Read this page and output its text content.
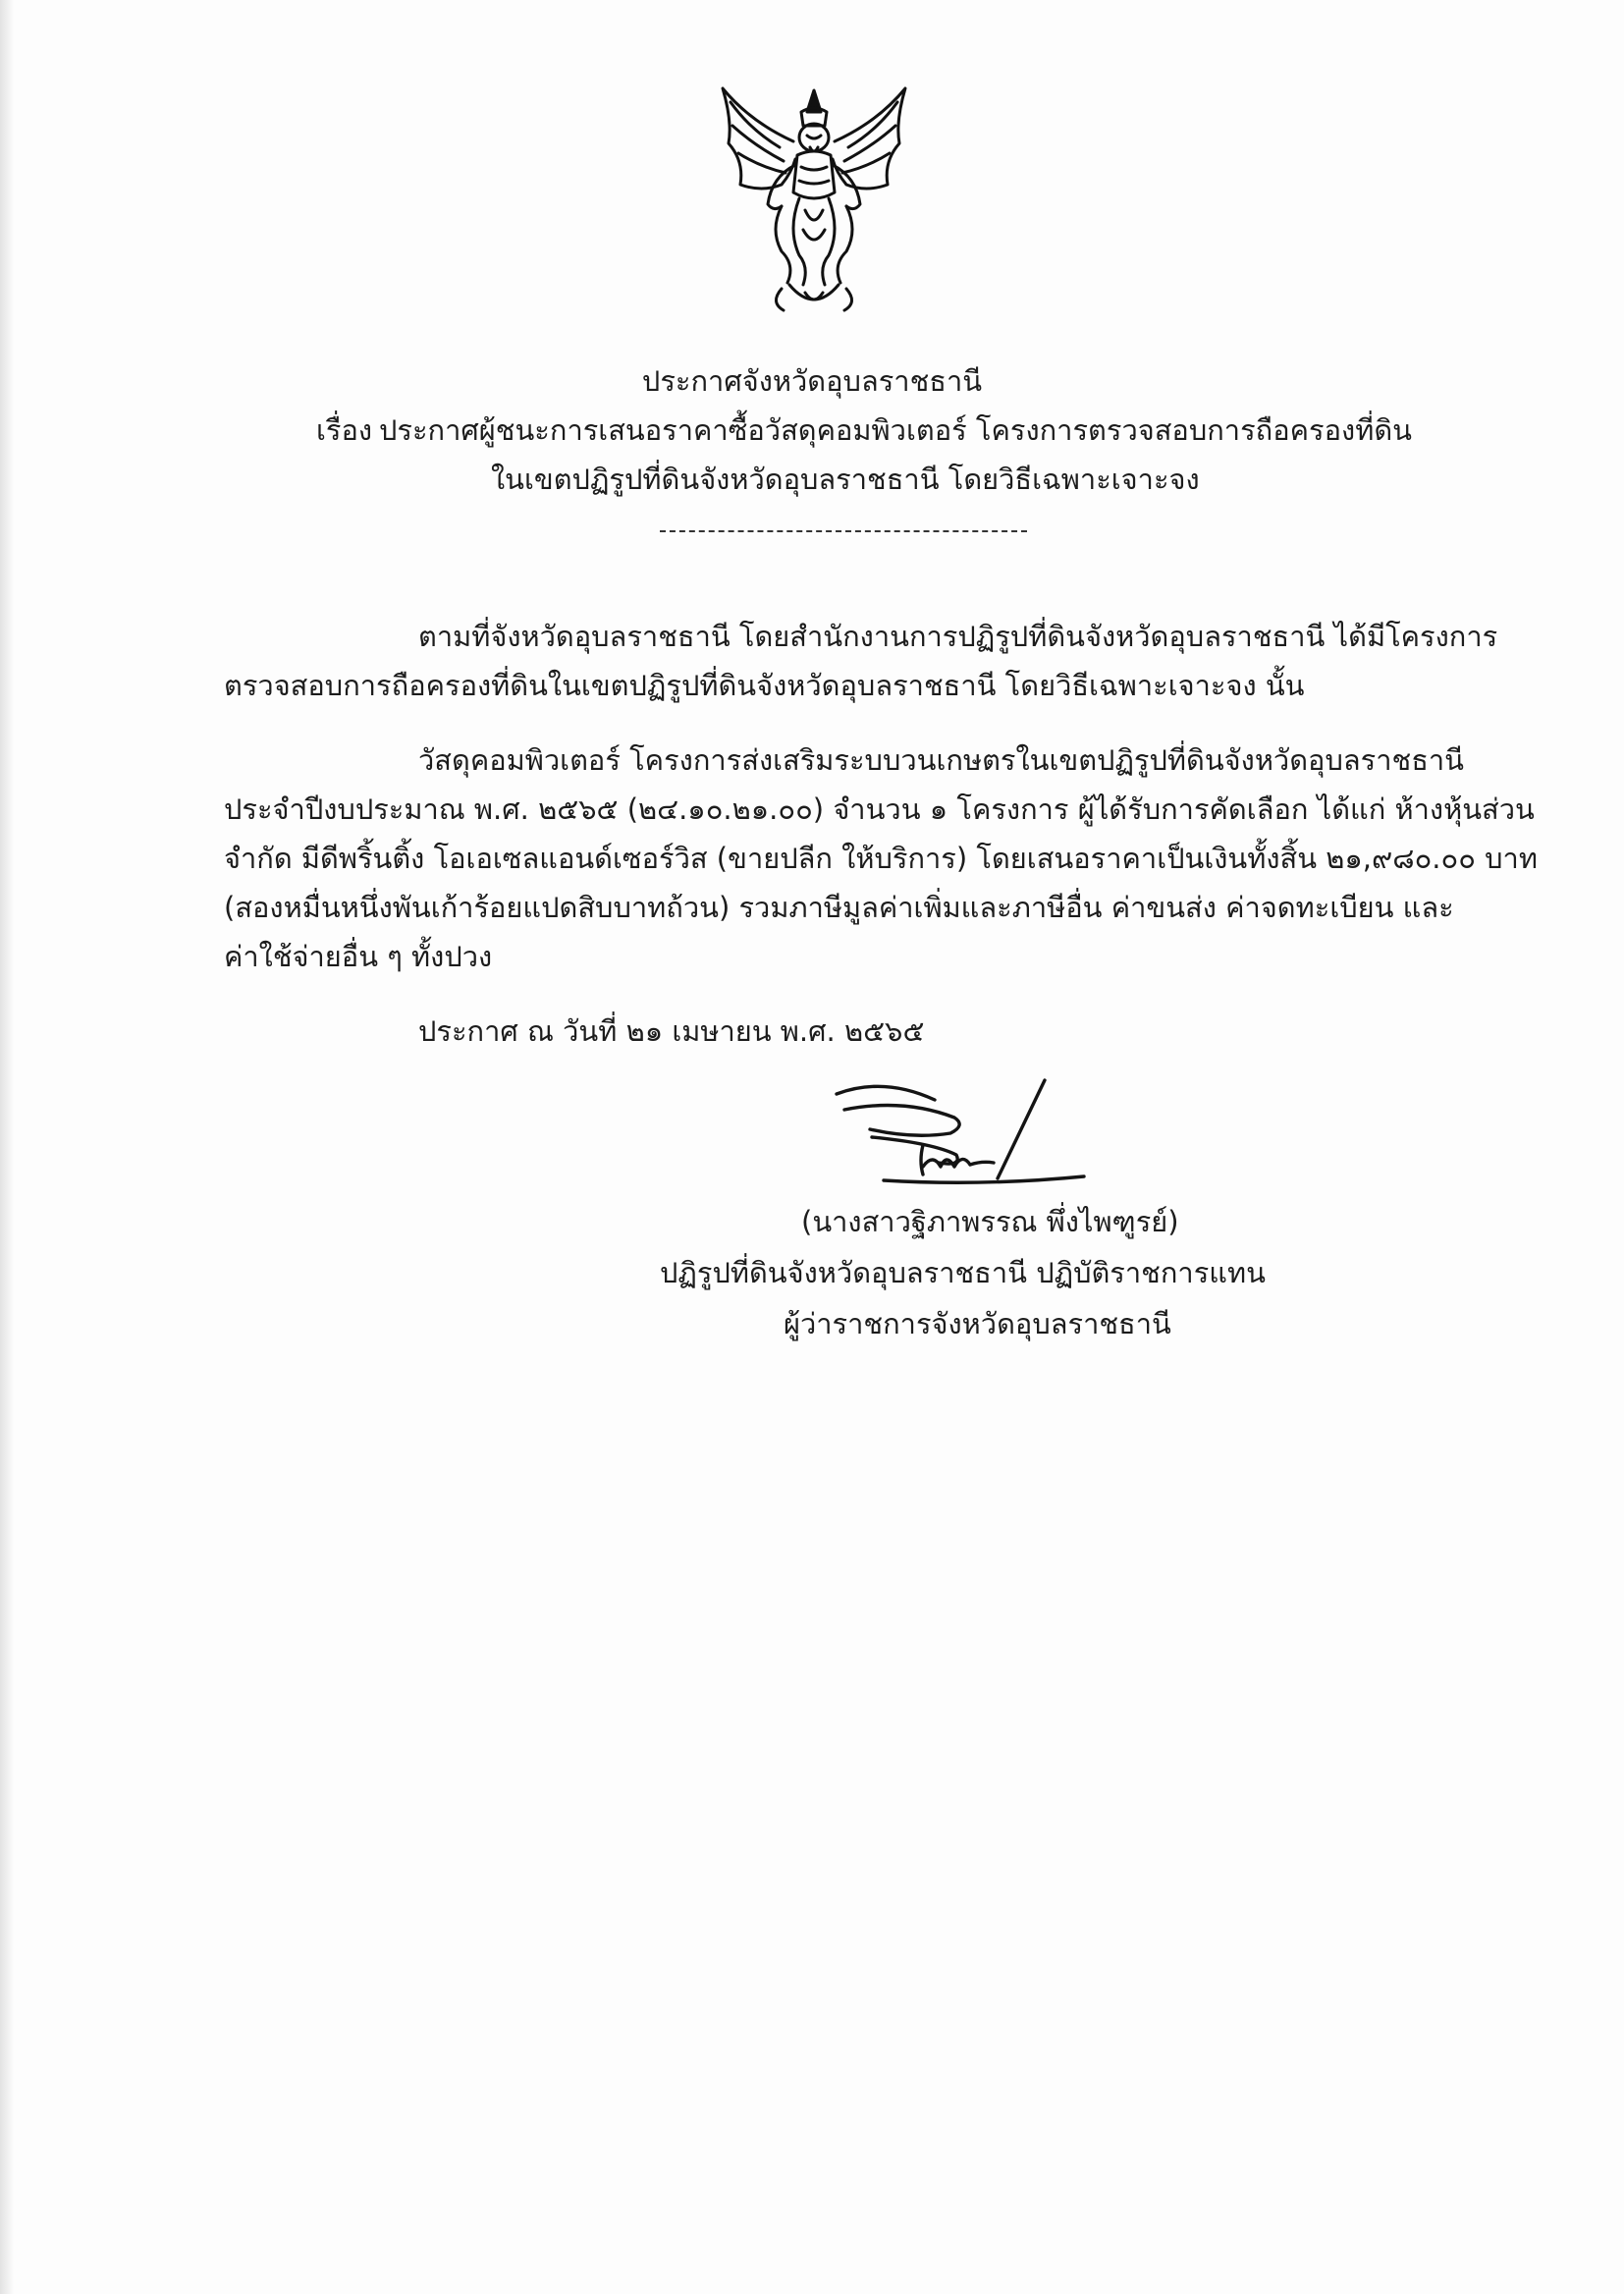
ประกาศจังหวัดอุบลราชธานี
เรื่อง ประกาศผู้ชนะการเสนอราคาซื้อวัสดุคอมพิวเตอร์ โครงการตรวจสอบการถือครองที่ดิน
ในเขตปฏิรูปที่ดินจังหวัดอุบลราชธานี โดยวิธีเฉพาะเจาะจง
ตามที่จังหวัดอุบลราชธานี โดยสำนักงานการปฏิรูปที่ดินจังหวัดอุบลราชธานี ได้มีโครงการ
ตรวจสอบการถือครองที่ดินในเขตปฏิรูปที่ดินจังหวัดอุบลราชธานี โดยวิธีเฉพาะเจาะจง นั้น
วัสดุคอมพิวเตอร์ โครงการส่งเสริมระบบวนเกษตรในเขตปฏิรูปที่ดินจังหวัดอุบลราชธานี
ประจำปีงบประมาณ พ.ศ. ๒๕๖๕ (๒๔.๑๐.๒๑.๐๐) จำนวน ๑ โครงการ ผู้ได้รับการคัดเลือก ได้แก่ ห้างหุ้นส่วน
จำกัด มีดีพริ้นติ้ง โอเอเซลแอนด์เซอร์วิส (ขายปลีก ให้บริการ) โดยเสนอราคาเป็นเงินทั้งสิ้น ๒๑,๙๘๐.๐๐ บาท
(สองหมื่นหนึ่งพันเก้าร้อยแปดสิบบาทถ้วน) รวมภาษีมูลค่าเพิ่มและภาษีอื่น ค่าขนส่ง ค่าจดทะเบียน และ
ค่าใช้จ่ายอื่น ๆ ทั้งปวง
ประกาศ ณ วันที่ ๒๑ เมษายน พ.ศ. ๒๕๖๕
(นางสาวฐิภาพรรณ พึ่งไพฑูรย์)
ปฏิรูปที่ดินจังหวัดอุบลราชธานี ปฏิบัติราชการแทน
ผู้ว่าราชการจังหวัดอุบลราชธานี
